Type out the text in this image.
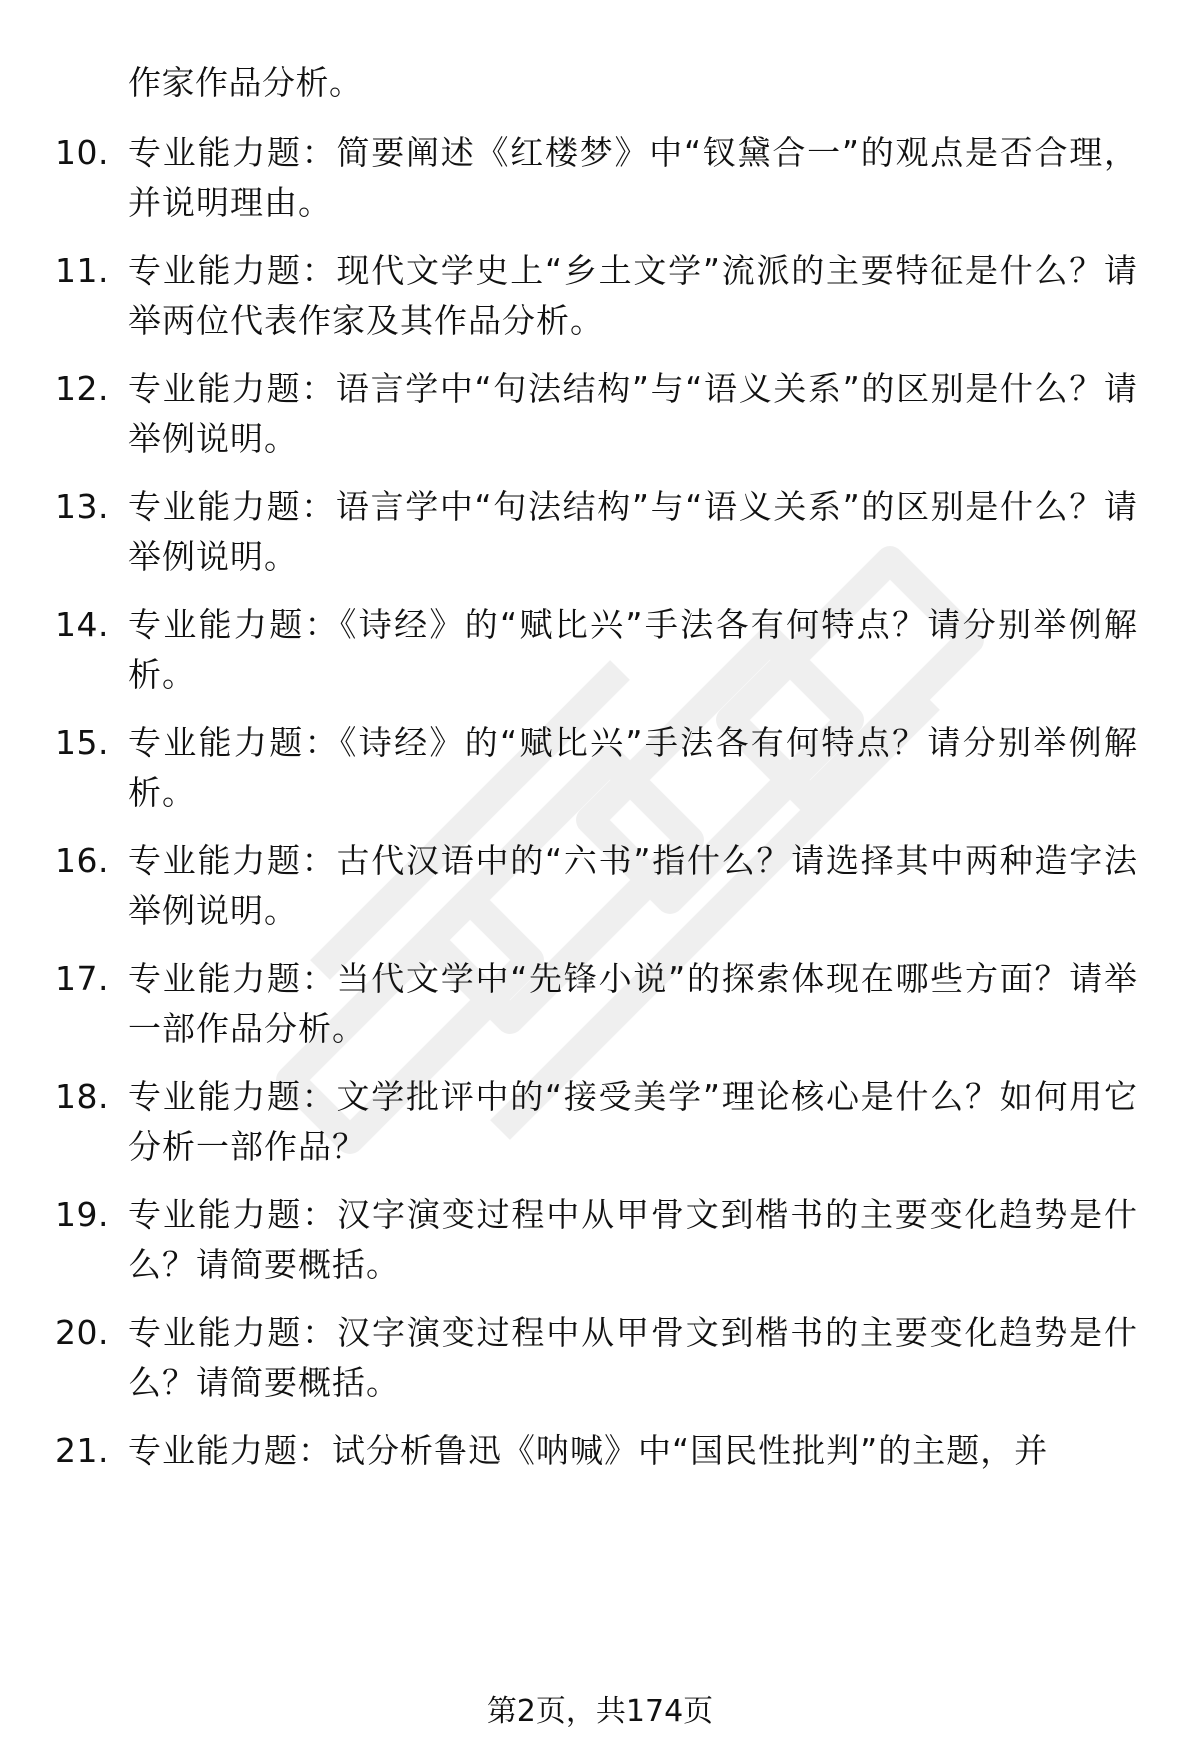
作家作品分析。
10. 专业能力题：简要阐述《红楼梦》中“钗黛合一”的观点是否合理，并说明理由。
11. 专业能力题：现代文学史上“乡土文学”流派的主要特征是什么？请举两位代表作家及其作品分析。
12. 专业能力题：语言学中“句法结构”与“语义关系”的区别是什么？请举例说明。
13. 专业能力题：语言学中“句法结构”与“语义关系”的区别是什么？请举例说明。
14. 专业能力题：《诗经》的“赋比兴”手法各有何特点？请分别举例解析。
15. 专业能力题：《诗经》的“赋比兴”手法各有何特点？请分别举例解析。
16. 专业能力题：古代汉语中的“六书”指什么？请选择其中两种造字法举例说明。
17. 专业能力题：当代文学中“先锋小说”的探索体现在哪些方面？请举一部作品分析。
18. 专业能力题：文学批评中的“接受美学”理论核心是什么？如何用它分析一部作品？
19. 专业能力题：汉字演变过程中从甲骨文到楷书的主要变化趋势是什么？请简要概括。
20. 专业能力题：汉字演变过程中从甲骨文到楷书的主要变化趋势是什么？请简要概括。
21. 专业能力题：试分析鲁迅《呐喊》中“国民性批判”的主题，并
第2页，共174页
